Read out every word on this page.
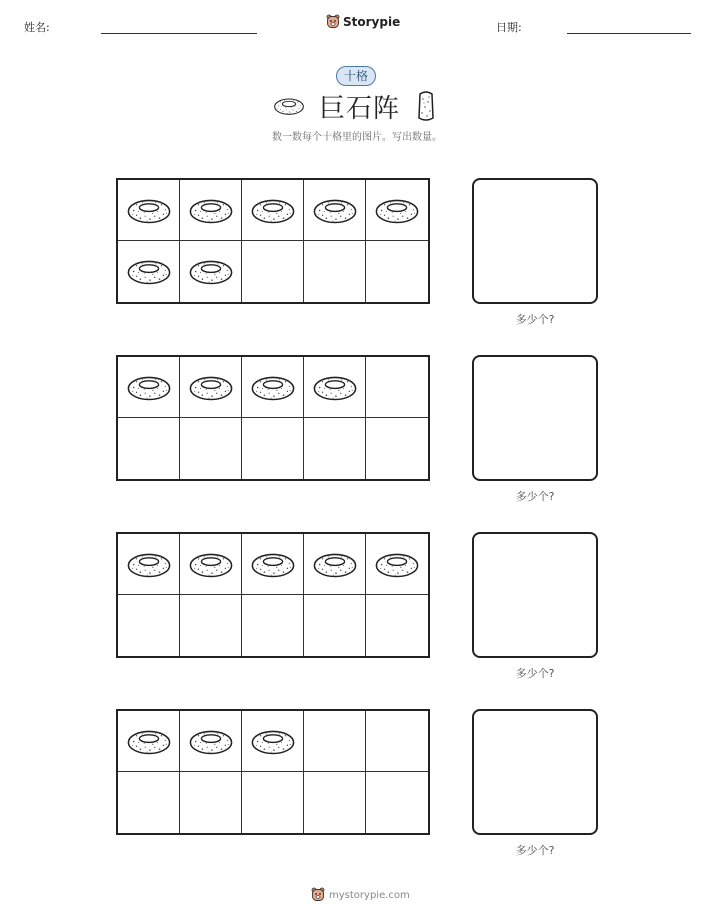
姓名:	Storypie	日期:
十格
巨石阵
数一数每个十格里的图片。写出数量。
多少个?
多少个?
多少个?
多少个?
mystorypie.com
